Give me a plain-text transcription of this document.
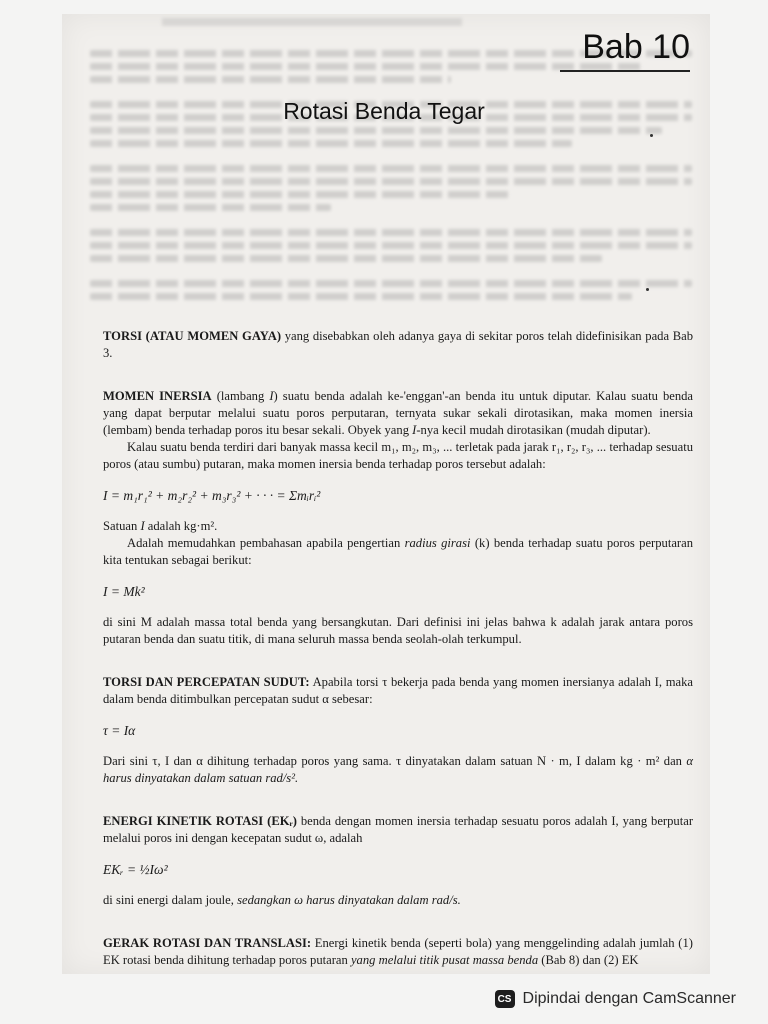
Bab 10
Rotasi Benda Tegar

TORSI (ATAU MOMEN GAYA) yang disebabkan oleh adanya gaya di sekitar poros telah didefinisikan pada Bab 3.

MOMEN INERSIA (lambang I) suatu benda adalah ke-'enggan'-an benda itu untuk diputar. Kalau suatu benda yang dapat berputar melalui suatu poros perputaran, ternyata sukar sekali dirotasikan, maka momen inersia (lembam) benda terhadap poros itu besar sekali. Obyek yang I-nya kecil mudah dirotasikan (mudah diputar).

Kalau suatu benda terdiri dari banyak massa kecil m₁, m₂, m₃, ... terletak pada jarak r₁, r₂, r₃, ... terhadap sesuatu poros (atau sumbu) putaran, maka momen inersia benda terhadap poros tersebut adalah:

I = m₁r₁² + m₂r₂² + m₃r₃² + · · · = Σmᵢrᵢ²

Satuan I adalah kg·m².

Adalah memudahkan pembahasan apabila pengertian radius girasi (k) benda terhadap suatu poros perputaran kita tentukan sebagai berikut:

I = Mk²

di sini M adalah massa total benda yang bersangkutan. Dari definisi ini jelas bahwa k adalah jarak antara poros putaran benda dan suatu titik, di mana seluruh massa benda seolah-olah terkumpul.

TORSI DAN PERCEPATAN SUDUT: Apabila torsi τ bekerja pada benda yang momen inersianya adalah I, maka dalam benda ditimbulkan percepatan sudut α sebesar:

τ = Iα

Dari sini τ, I dan α dihitung terhadap poros yang sama. τ dinyatakan dalam satuan N · m, I dalam kg · m² dan α harus dinyatakan dalam satuan rad/s².

ENERGI KINETIK ROTASI (EKᵣ) benda dengan momen inersia terhadap sesuatu poros adalah I, yang berputar melalui poros ini dengan kecepatan sudut ω, adalah

EKᵣ = ½Iω²

di sini energi dalam joule, sedangkan ω harus dinyatakan dalam rad/s.

GERAK ROTASI DAN TRANSLASI: Energi kinetik benda (seperti bola) yang menggelinding adalah jumlah (1) EK rotasi benda dihitung terhadap poros putaran yang melalui titik pusat massa benda (Bab 8) dan (2) EK

CS Dipindai dengan CamScanner
